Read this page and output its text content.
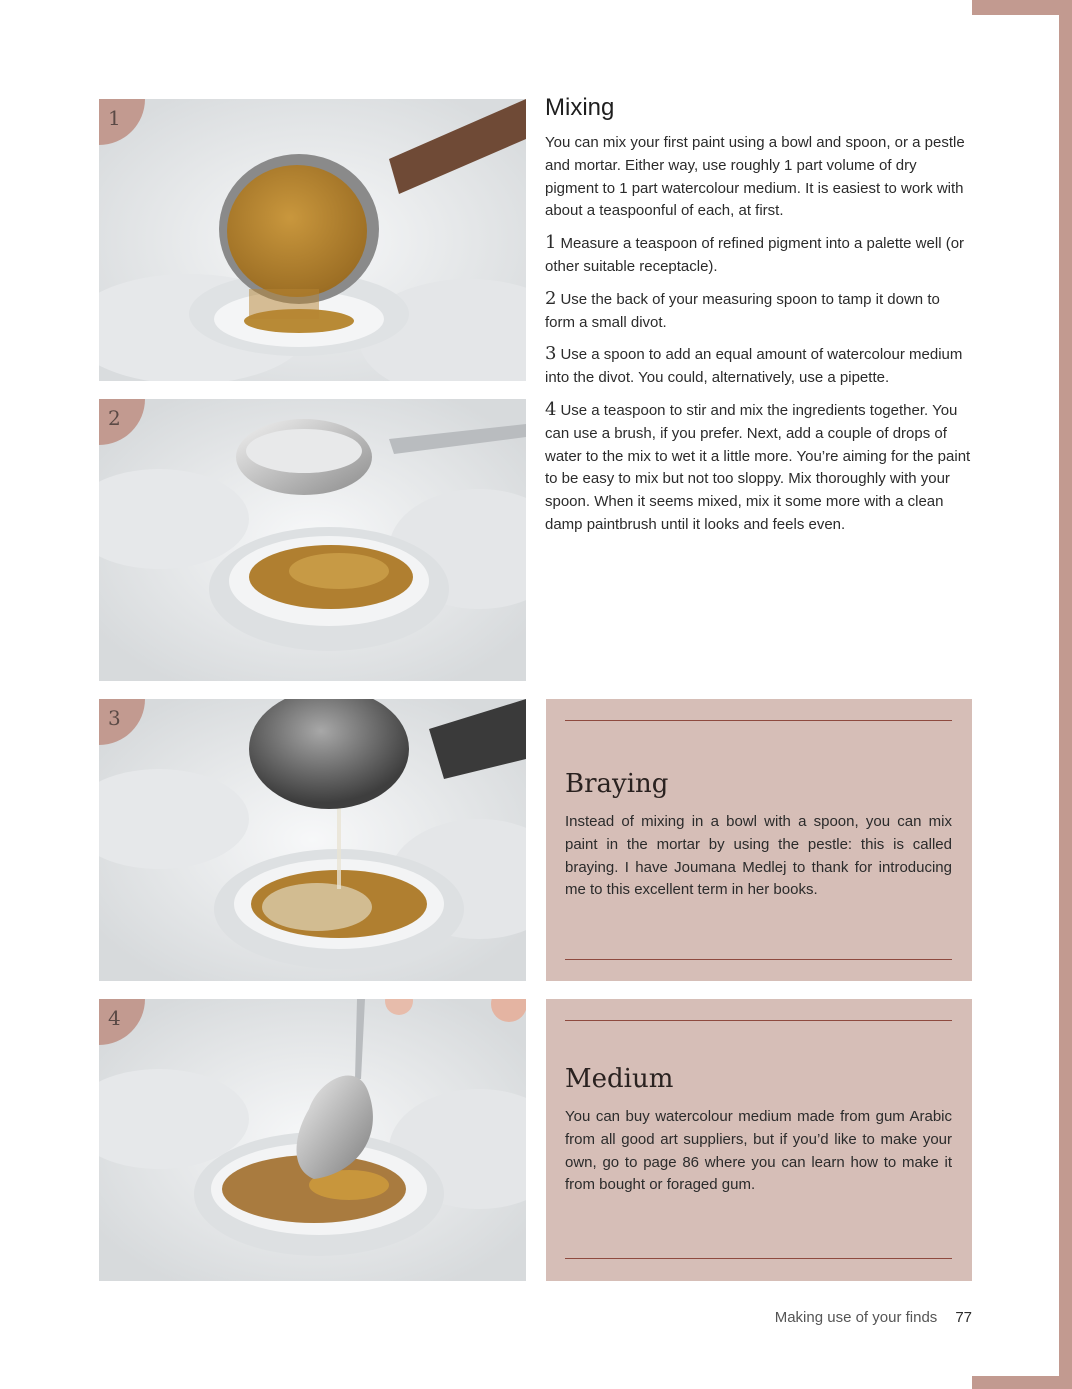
1
2
3
4
Mixing

You can mix your first paint using a bowl and spoon, or a pestle and mortar. Either way, use roughly 1 part volume of dry pigment to 1 part watercolour medium. It is easiest to work with about a teaspoonful of each, at first.

1 Measure a teaspoon of refined pigment into a palette well (or other suitable receptacle).

2 Use the back of your measuring spoon to tamp it down to form a small divot.

3 Use a spoon to add an equal amount of watercolour medium into the divot. You could, alternatively, use a pipette.

4 Use a teaspoon to stir and mix the ingredients together. You can use a brush, if you prefer. Next, add a couple of drops of water to the mix to wet it a little more. You’re aiming for the paint to be easy to mix but not too sloppy. Mix thoroughly with your spoon. When it seems mixed, mix it some more with a clean damp paintbrush until it looks and feels even.

Braying

Instead of mixing in a bowl with a spoon, you can mix paint in the mortar by using the pestle: this is called braying. I have Joumana Medlej to thank for introducing me to this excellent term in her books.

Medium

You can buy watercolour medium made from gum Arabic from all good art suppliers, but if you’d like to make your own, go to page 86 where you can learn how to make it from bought or foraged gum.

Making use of your finds 77
